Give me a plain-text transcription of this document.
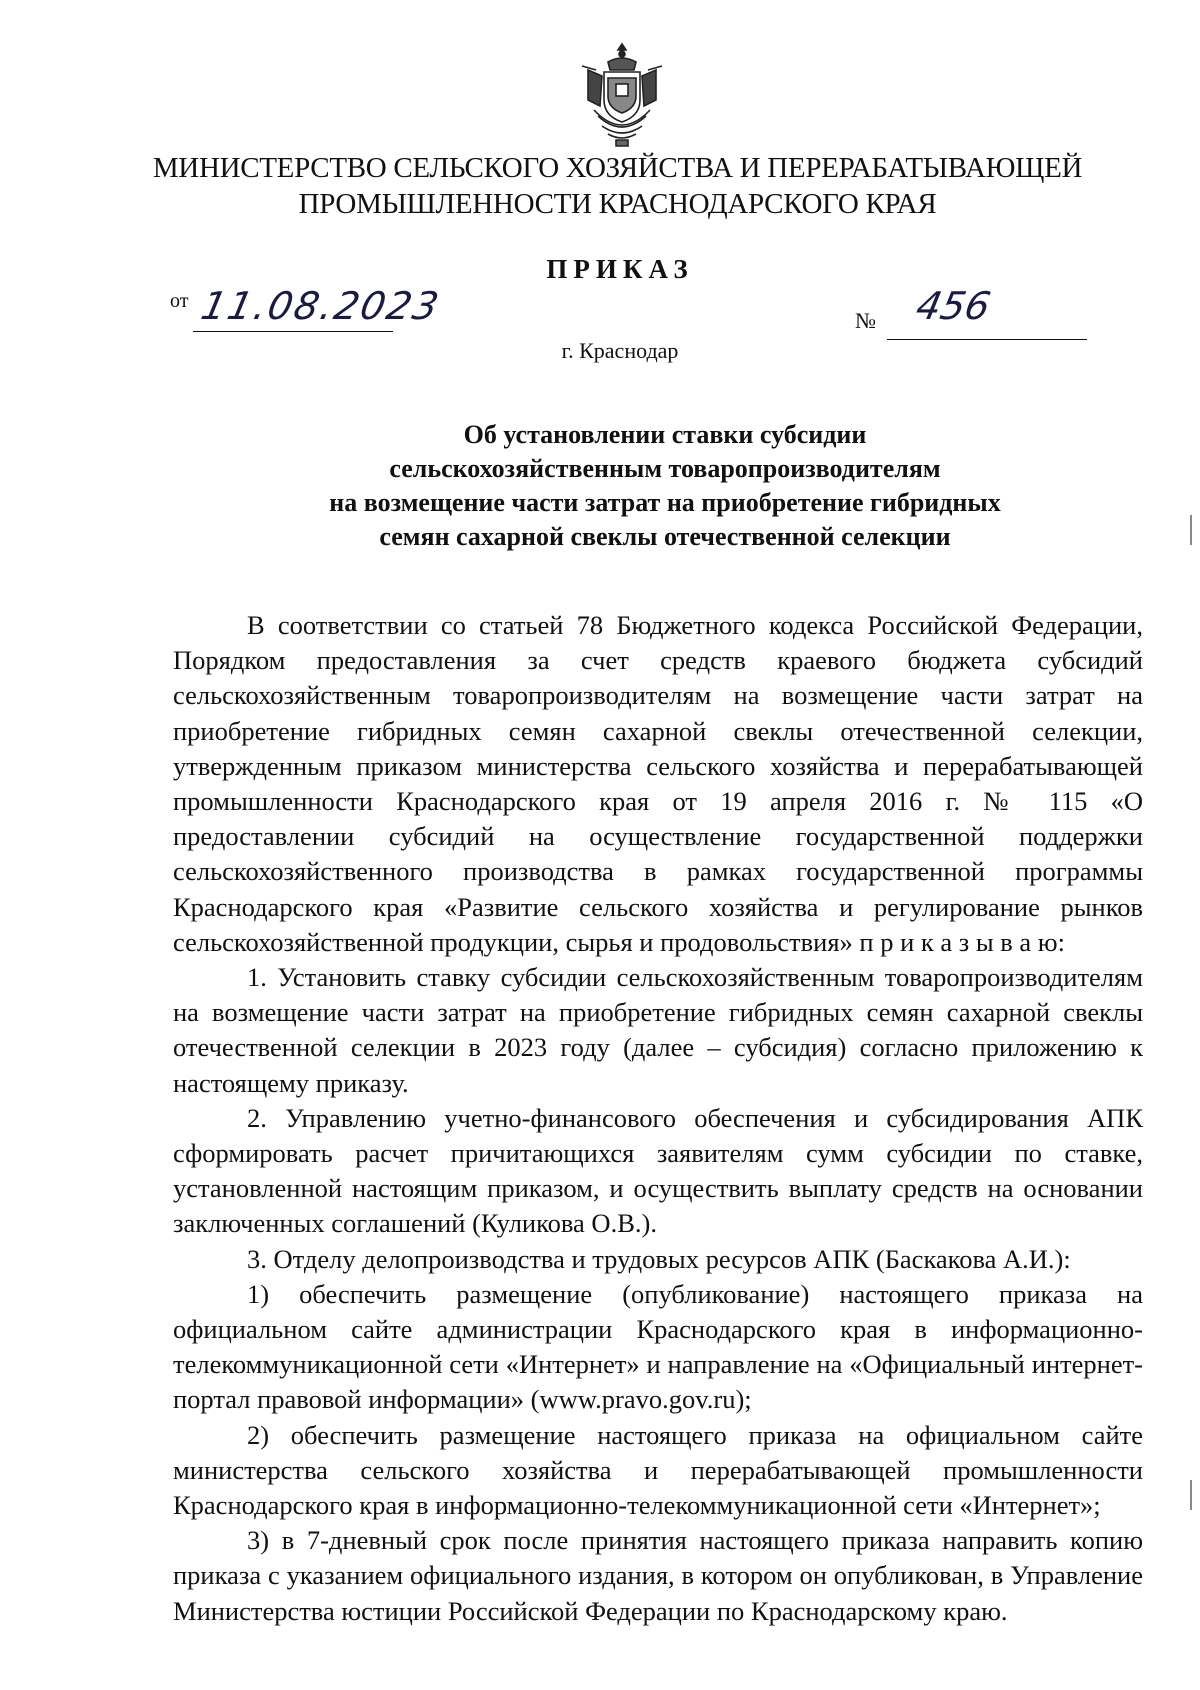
МИНИСТЕРСТВО СЕЛЬСКОГО ХОЗЯЙСТВА И ПЕРЕРАБАТЫВАЮЩЕЙ
ПРОМЫШЛЕННОСТИ КРАСНОДАРСКОГО КРАЯ
ПРИКАЗ
от 11.08.2023	№ 456
г. Краснодар
Об установлении ставки субсидии
сельскохозяйственным товаропроизводителям
на возмещение части затрат на приобретение гибридных
семян сахарной свеклы отечественной селекции

В соответствии со статьей 78 Бюджетного кодекса Российской Федерации, Порядком предоставления за счет средств краевого бюджета субсидий сельскохозяйственным товаропроизводителям на возмещение части затрат на приобретение гибридных семян сахарной свеклы отечественной селекции, утвержденным приказом министерства сельского хозяйства и перерабатывающей промышленности Краснодарского края от 19 апреля 2016 г. № 115 «О предоставлении субсидий на осуществление государственной поддержки сельскохозяйственного производства в рамках государственной программы Краснодарского края «Развитие сельского хозяйства и регулирование рынков сельскохозяйственной продукции, сырья и продовольствия» п р и к а з ы в а ю:

1. Установить ставку субсидии сельскохозяйственным товаропроизводителям на возмещение части затрат на приобретение гибридных семян сахарной свеклы отечественной селекции в 2023 году (далее – субсидия) согласно приложению к настоящему приказу.

2. Управлению учетно-финансового обеспечения и субсидирования АПК сформировать расчет причитающихся заявителям сумм субсидии по ставке, установленной настоящим приказом, и осуществить выплату средств на основании заключенных соглашений (Куликова О.В.).

3. Отделу делопроизводства и трудовых ресурсов АПК (Баскакова А.И.):

1) обеспечить размещение (опубликование) настоящего приказа на официальном сайте администрации Краснодарского края в информационно-телекоммуникационной сети «Интернет» и направление на «Официальный интернет-портал правовой информации» (www.pravo.gov.ru);

2) обеспечить размещение настоящего приказа на официальном сайте министерства сельского хозяйства и перерабатывающей промышленности Краснодарского края в информационно-телекоммуникационной сети «Интернет»;

3) в 7-дневный срок после принятия настоящего приказа направить копию приказа с указанием официального издания, в котором он опубликован, в Управление Министерства юстиции Российской Федерации по Краснодарскому краю.
